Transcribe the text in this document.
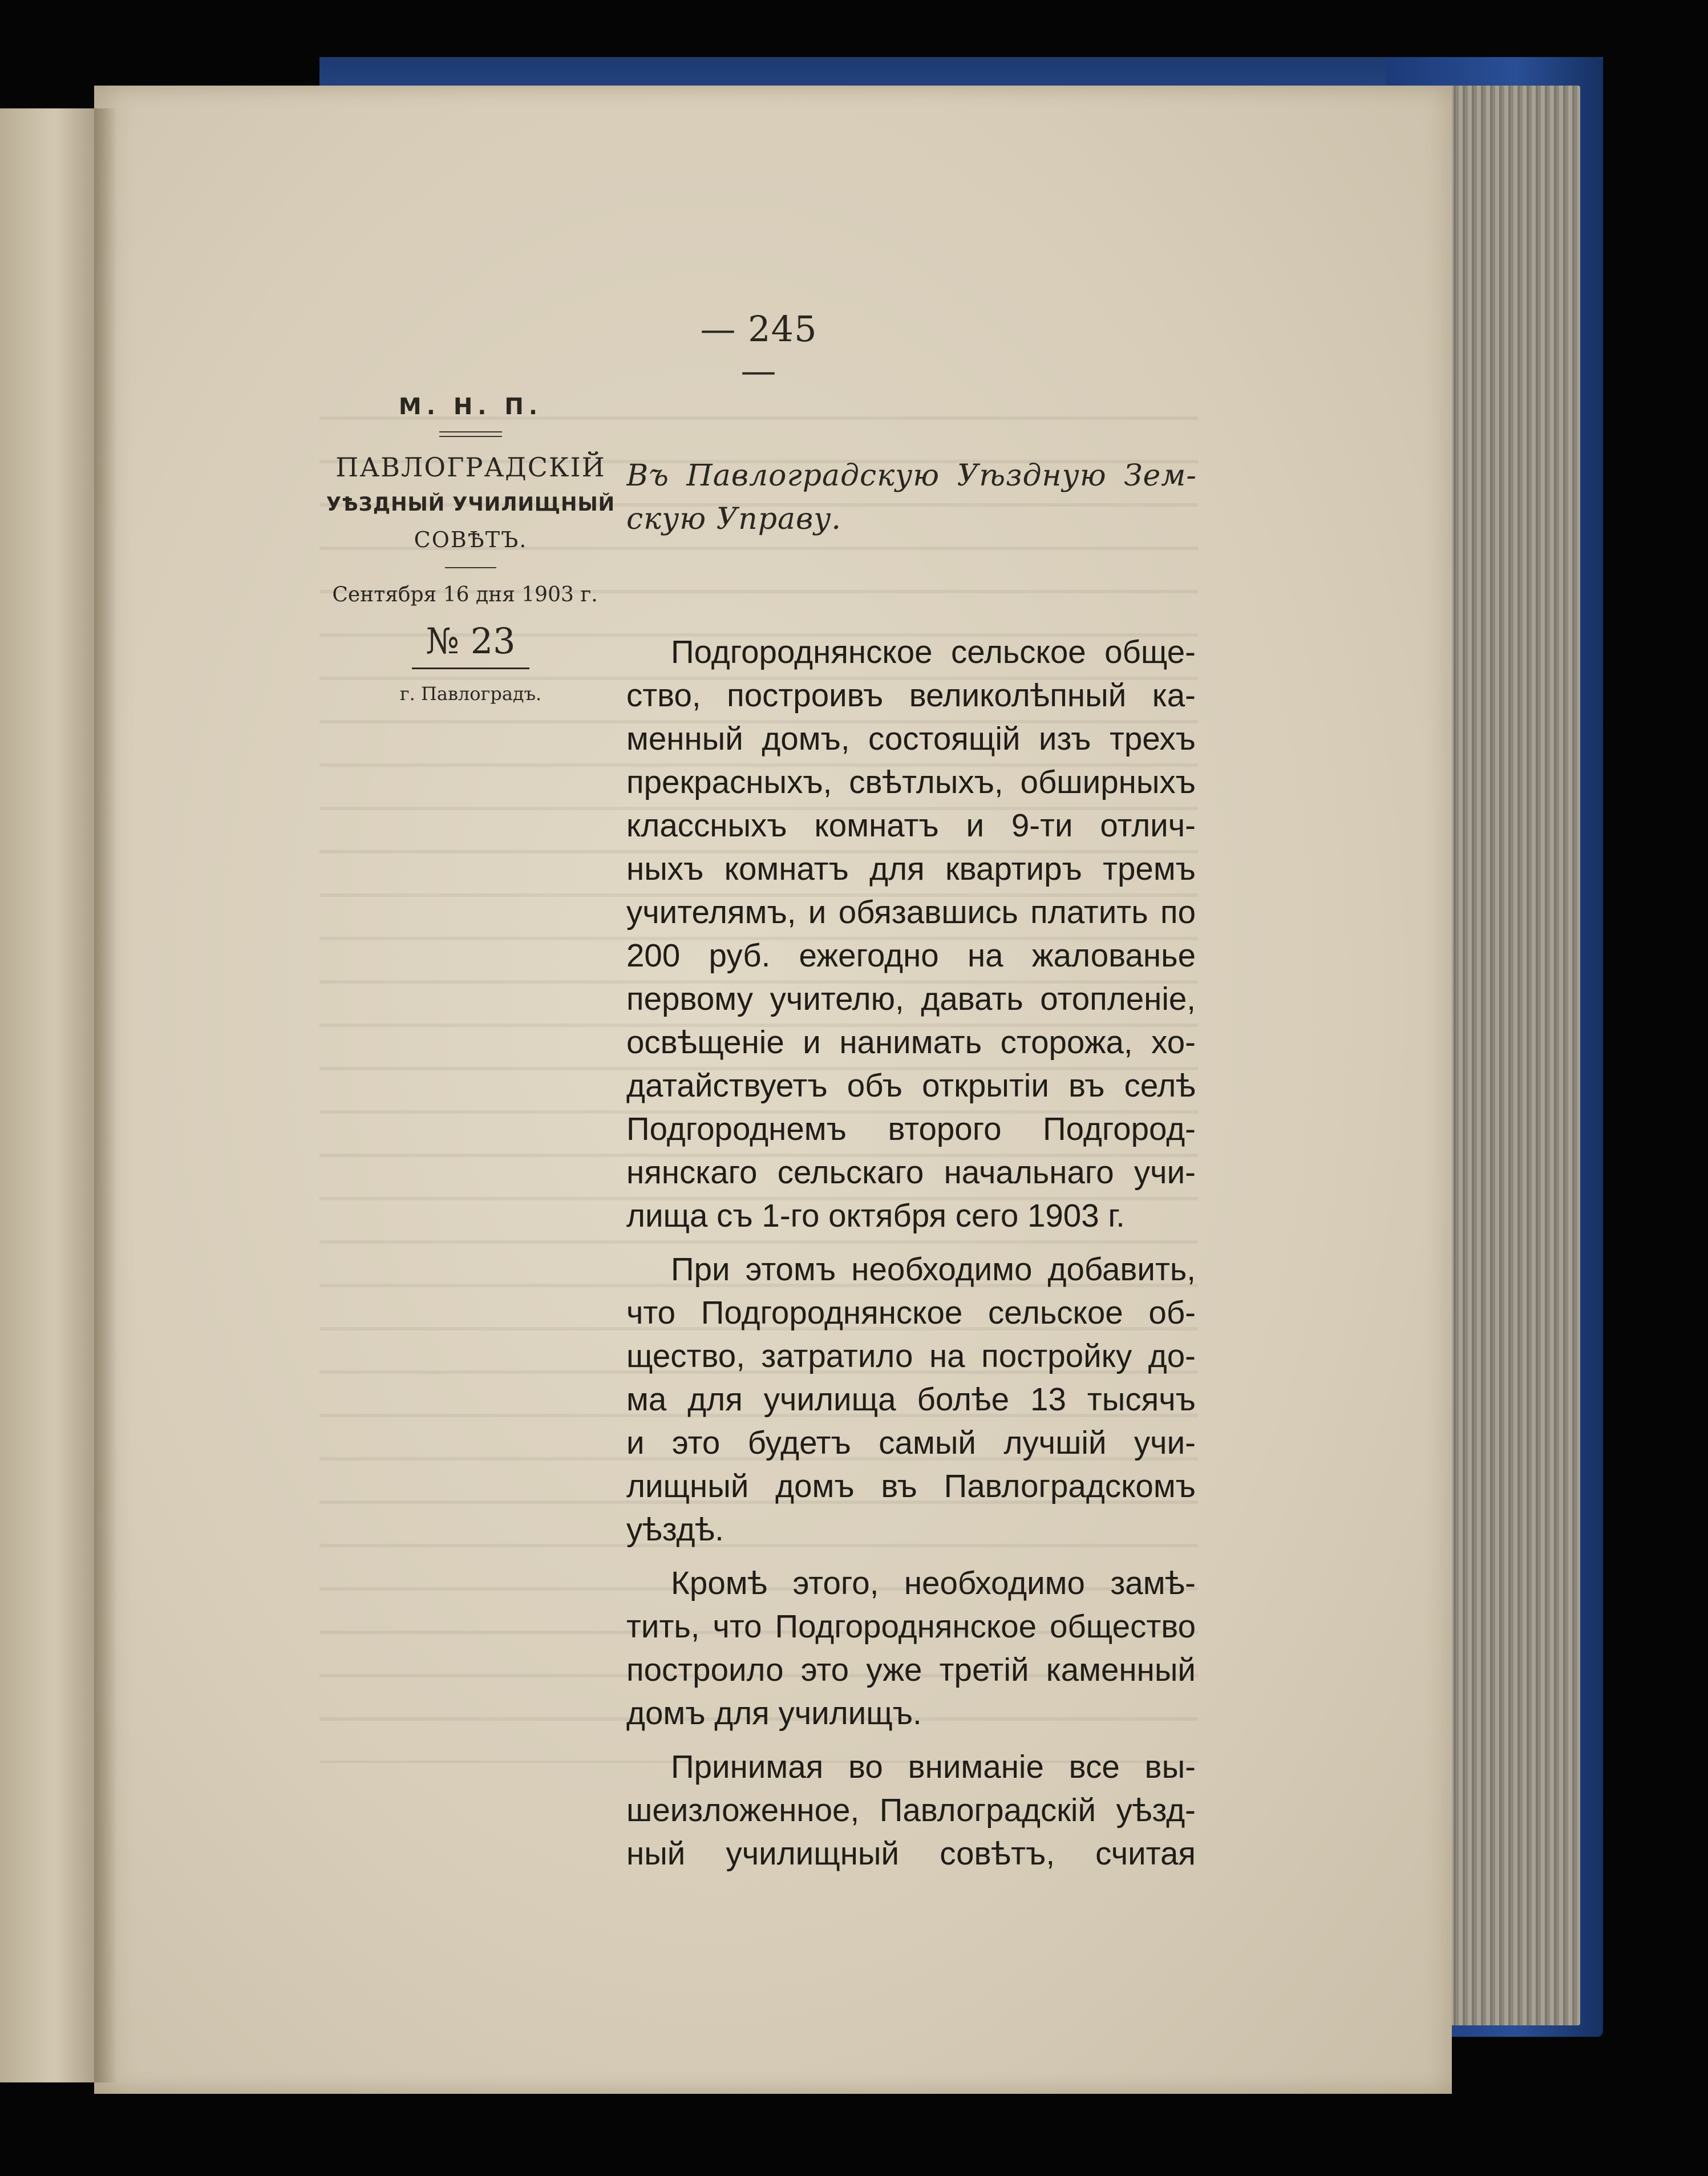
— 245 —
М. Н. П.
ПАВЛОГРАДСКIЙ
УѢЗДНЫЙ УЧИЛИЩНЫЙ
СОВѢТЪ.
Сентября 16 дня 1903 г.
№ 23
г. Павлоградъ.
Въ Павлоградскую Уѣздную Зем-
скую Управу.
Подгороднянское сельское обще-
ство, построивъ великолѣпный ка-
менный домъ, состоящiй изъ трехъ
прекрасныхъ, свѣтлыхъ, обширныхъ
классныхъ комнатъ и 9-ти отлич-
ныхъ комнатъ для квартиръ тремъ
учителямъ, и обязавшись платить по
200 руб. ежегодно на жалованье
первому учителю, давать отопленiе,
освѣщенiе и нанимать сторожа, хо-
датайствуетъ объ открытiи въ селѣ
Подгороднемъ второго Подгород-
нянскаго сельскаго начальнаго учи-
лища съ 1-го октября сего 1903 г.
При этомъ необходимо добавить,
что Подгороднянское сельское об-
щество, затратило на постройку до-
ма для училища болѣе 13 тысячъ
и это будетъ самый лучшiй учи-
лищный домъ въ Павлоградскомъ
уѣздѣ.
Кромѣ этого, необходимо замѣ-
тить, что Подгороднянское общество
построило это уже третiй каменный
домъ для училищъ.
Принимая во вниманiе все вы-
шеизложенное, Павлоградскiй уѣзд-
ный училищный совѣтъ, считая
